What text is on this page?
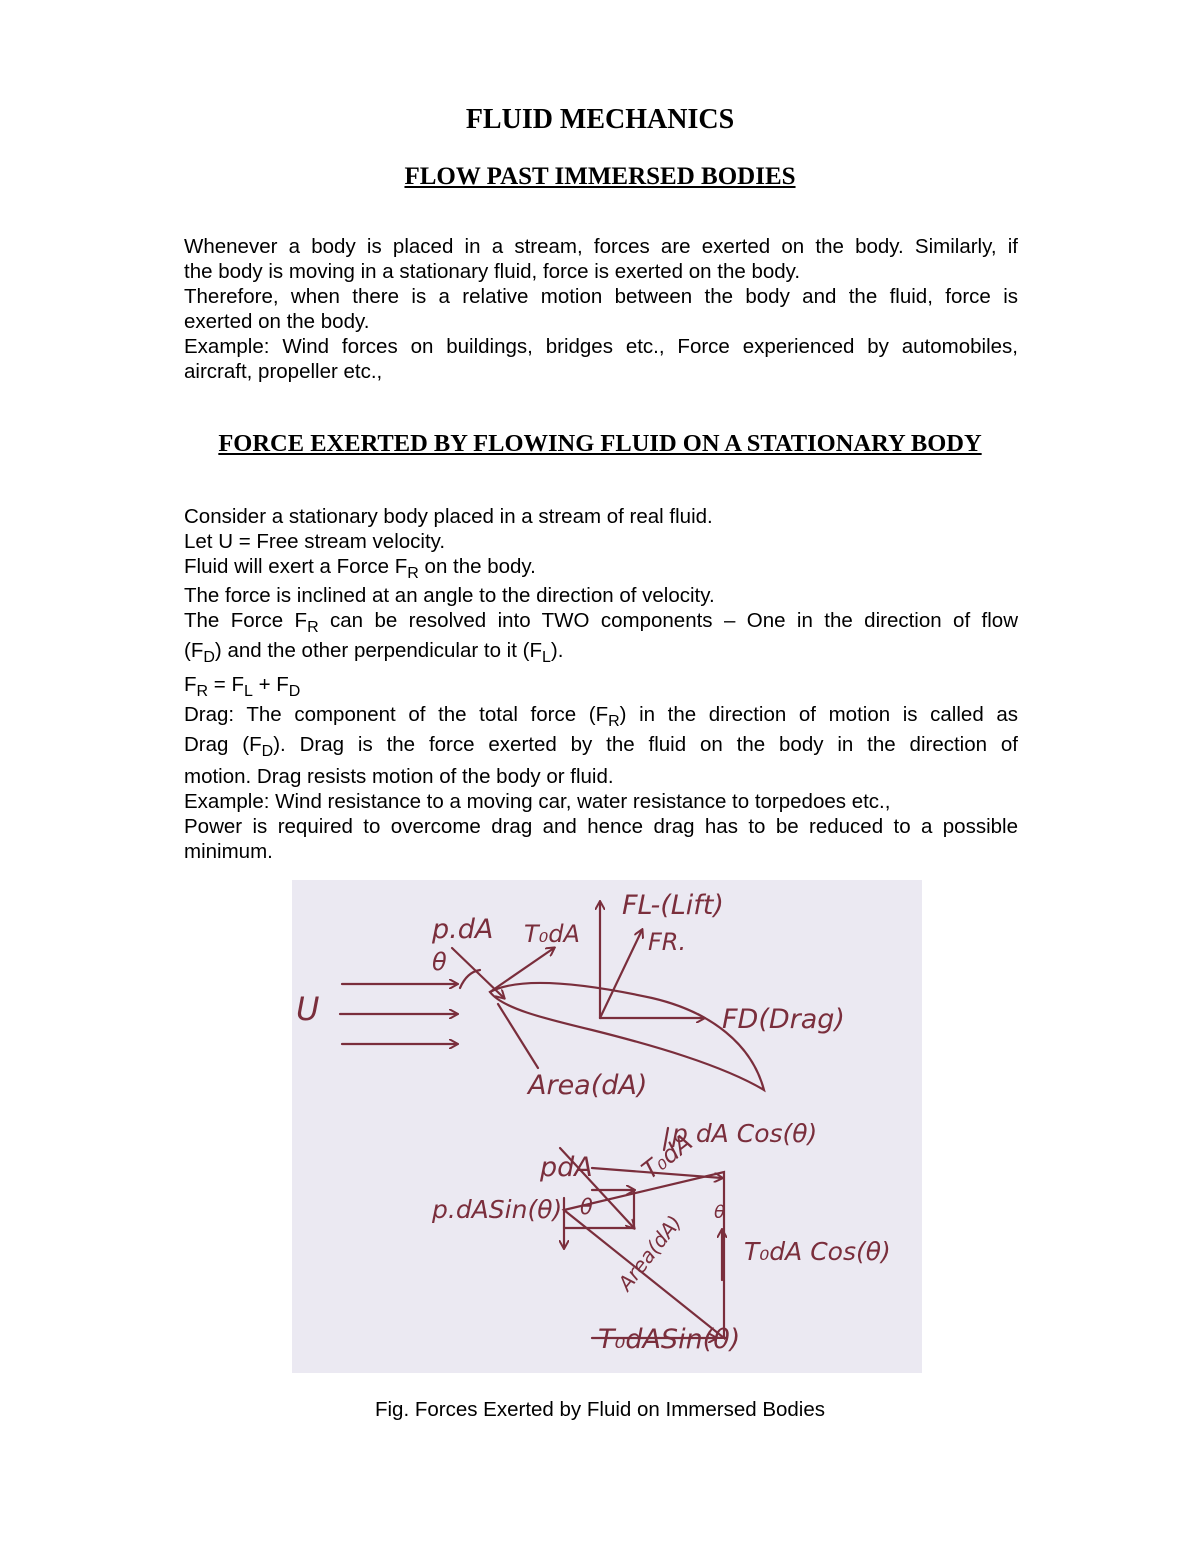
FLUID MECHANICS
FLOW PAST IMMERSED BODIES
Whenever a body is placed in a stream, forces are exerted on the body. Similarly, if
the body is moving in a stationary fluid, force is exerted on the body.
Therefore, when there is a relative motion between the body and the fluid, force is
exerted on the body.
Example: Wind forces on buildings, bridges etc., Force experienced by automobiles,
aircraft, propeller etc.,
FORCE EXERTED BY FLOWING FLUID ON A STATIONARY BODY
Consider a stationary body placed in a stream of real fluid.
Let U = Free stream velocity.
Fluid will exert a Force $F_R$ on the body.
The force is inclined at an angle to the direction of velocity.
The Force $F_R$ can be resolved into TWO components – One in the direction of flow
$(F_D)$ and the other perpendicular to it $(F_L)$.
$F_R = F_L + F_D$
Drag: The component of the total force $(F_R)$ in the direction of motion is called as
Drag $(F_D)$. Drag is the force exerted by the fluid on the body in the direction of
motion. Drag resists motion of the body or fluid.
Example: Wind resistance to a moving car, water resistance to torpedoes etc.,
Power is required to overcome drag and hence drag has to be reduced to a possible
minimum.
U
p.dA
θ
T₀dA
FL-(Lift)
FR.
FD(Drag)
Area(dA)
p dA Cos(θ)
pdA T₀dA
p.dASin(θ) θ	θ
Area(dA) T₀dA Cos(θ)
T₀dASin(θ)
Fig. Forces Exerted by Fluid on Immersed Bodies
